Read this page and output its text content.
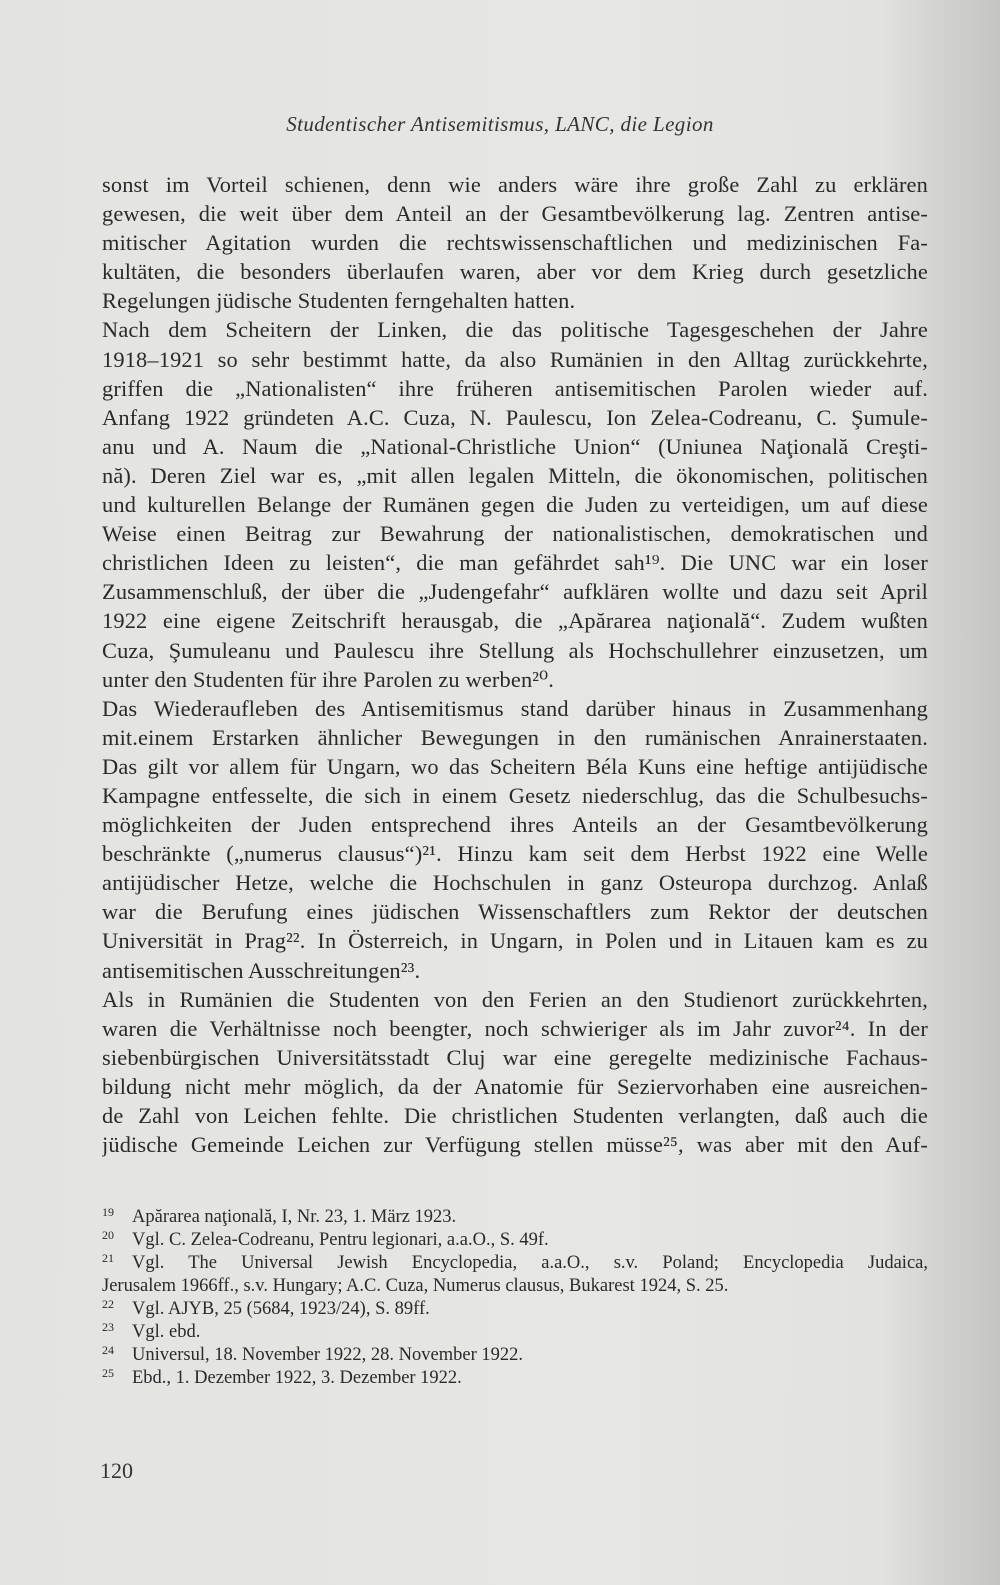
Studentischer Antisemitismus, LANC, die Legion
sonst im Vorteil schienen, denn wie anders wäre ihre große Zahl zu erklären
gewesen, die weit über dem Anteil an der Gesamtbevölkerung lag. Zentren antise-
mitischer Agitation wurden die rechtswissenschaftlichen und medizinischen Fa-
kultäten, die besonders überlaufen waren, aber vor dem Krieg durch gesetzliche
Regelungen jüdische Studenten ferngehalten hatten.
Nach dem Scheitern der Linken, die das politische Tagesgeschehen der Jahre
1918–1921 so sehr bestimmt hatte, da also Rumänien in den Alltag zurückkehrte,
griffen die „Nationalisten“ ihre früheren antisemitischen Parolen wieder auf.
Anfang 1922 gründeten A.C. Cuza, N. Paulescu, Ion Zelea-Codreanu, C. Şumule-
anu und A. Naum die „National-Christliche Union“ (Uniunea Naţională Creşti-
nă). Deren Ziel war es, „mit allen legalen Mitteln, die ökonomischen, politischen
und kulturellen Belange der Rumänen gegen die Juden zu verteidigen, um auf diese
Weise einen Beitrag zur Bewahrung der nationalistischen, demokratischen und
christlichen Ideen zu leisten“, die man gefährdet sah¹⁹. Die UNC war ein loser
Zusammenschluß, der über die „Judengefahr“ aufklären wollte und dazu seit April
1922 eine eigene Zeitschrift herausgab, die „Apărarea naţională“. Zudem wußten
Cuza, Şumuleanu und Paulescu ihre Stellung als Hochschullehrer einzusetzen, um
unter den Studenten für ihre Parolen zu werben²⁰.
Das Wiederaufleben des Antisemitismus stand darüber hinaus in Zusammenhang
mit.einem Erstarken ähnlicher Bewegungen in den rumänischen Anrainerstaaten.
Das gilt vor allem für Ungarn, wo das Scheitern Béla Kuns eine heftige antijüdische
Kampagne entfesselte, die sich in einem Gesetz niederschlug, das die Schulbesuchs-
möglichkeiten der Juden entsprechend ihres Anteils an der Gesamtbevölkerung
beschränkte („numerus clausus“)²¹. Hinzu kam seit dem Herbst 1922 eine Welle
antijüdischer Hetze, welche die Hochschulen in ganz Osteuropa durchzog. Anlaß
war die Berufung eines jüdischen Wissenschaftlers zum Rektor der deutschen
Universität in Prag²². In Österreich, in Ungarn, in Polen und in Litauen kam es zu
antisemitischen Ausschreitungen²³.
Als in Rumänien die Studenten von den Ferien an den Studienort zurückkehrten,
waren die Verhältnisse noch beengter, noch schwieriger als im Jahr zuvor²⁴. In der
siebenbürgischen Universitätsstadt Cluj war eine geregelte medizinische Fachaus-
bildung nicht mehr möglich, da der Anatomie für Seziervorhaben eine ausreichen-
de Zahl von Leichen fehlte. Die christlichen Studenten verlangten, daß auch die
jüdische Gemeinde Leichen zur Verfügung stellen müsse²⁵, was aber mit den Auf-
19 Apărarea naţională, I, Nr. 23, 1. März 1923.
20 Vgl. C. Zelea-Codreanu, Pentru legionari, a.a.O., S. 49f.
21 Vgl. The Universal Jewish Encyclopedia, a.a.O., s.v. Poland; Encyclopedia Judaica,
Jerusalem 1966ff., s.v. Hungary; A.C. Cuza, Numerus clausus, Bukarest 1924, S. 25.
22 Vgl. AJYB, 25 (5684, 1923/24), S. 89ff.
23 Vgl. ebd.
24 Universul, 18. November 1922, 28. November 1922.
25 Ebd., 1. Dezember 1922, 3. Dezember 1922.
120
